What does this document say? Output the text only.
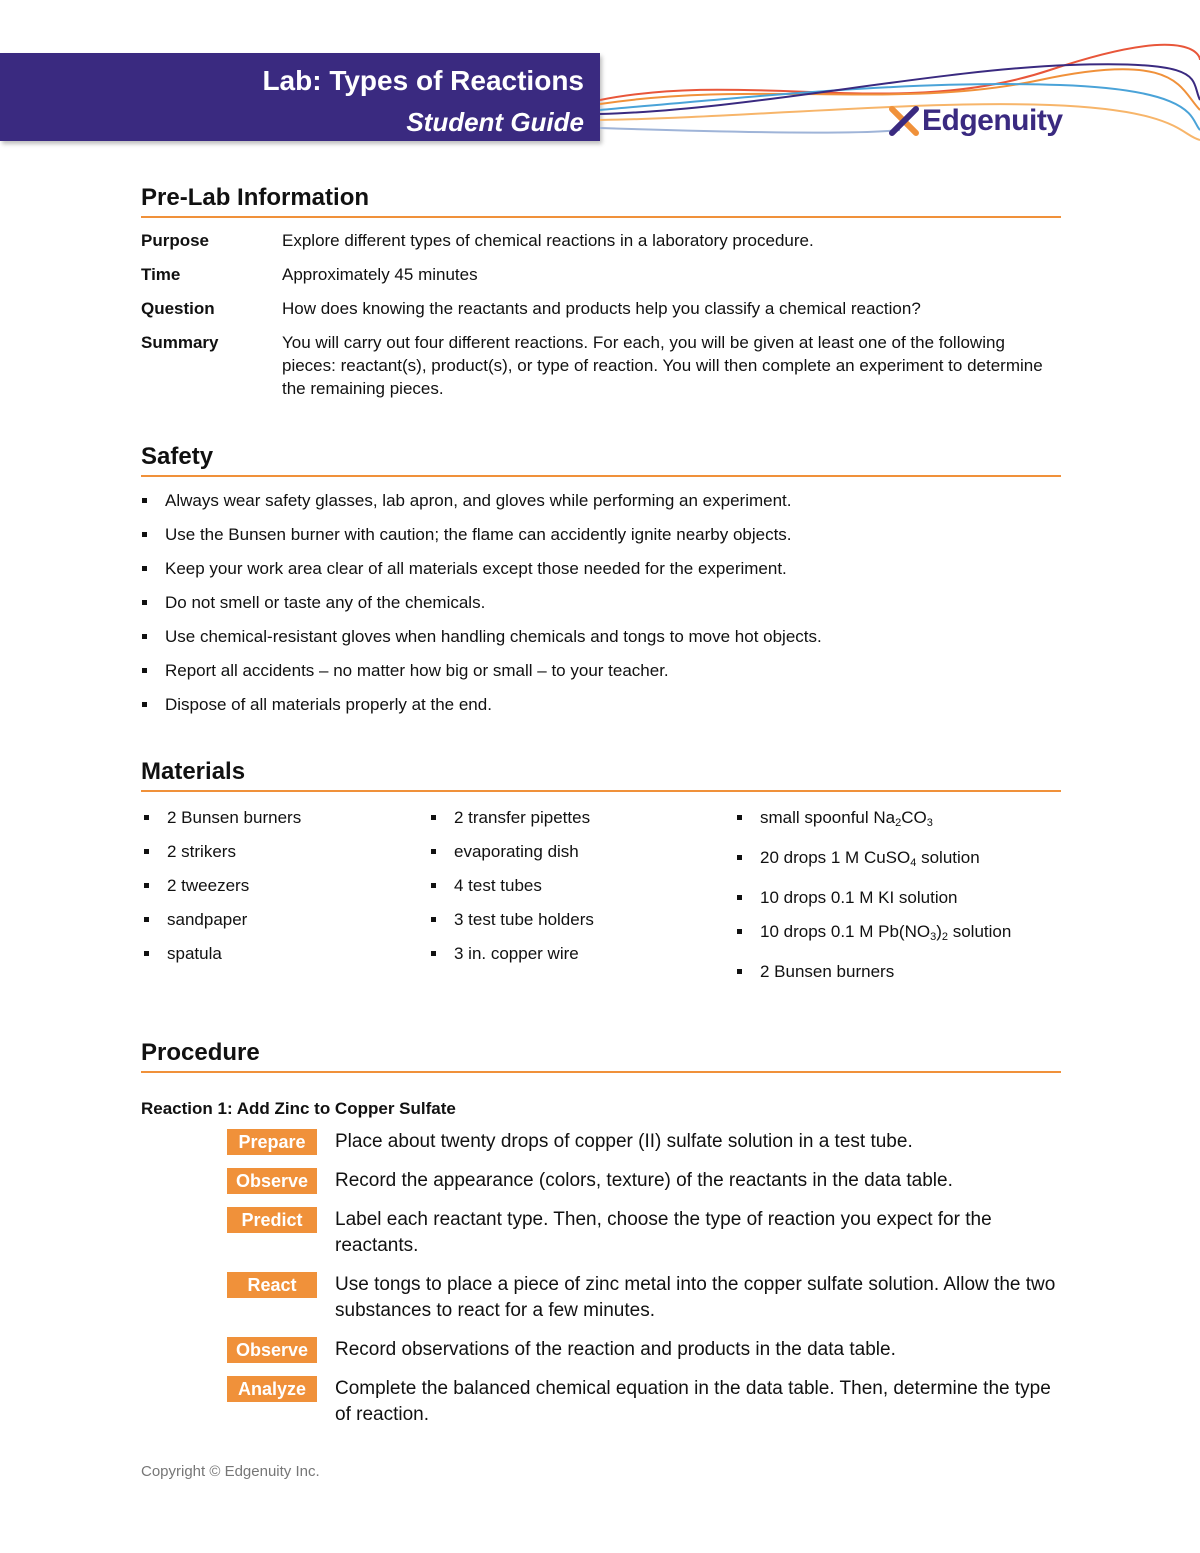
Lab: Types of Reactions
Student Guide	Edgenuity
Pre-Lab Information
Purpose	Explore different types of chemical reactions in a laboratory procedure.
Time	Approximately 45 minutes
Question	How does knowing the reactants and products help you classify a chemical reaction?
Summary	You will carry out four different reactions. For each, you will be given at least one of the following pieces: reactant(s), product(s), or type of reaction. You will then complete an experiment to determine the remaining pieces.
Safety
Always wear safety glasses, lab apron, and gloves while performing an experiment.
Use the Bunsen burner with caution; the flame can accidently ignite nearby objects.
Keep your work area clear of all materials except those needed for the experiment.
Do not smell or taste any of the chemicals.
Use chemical-resistant gloves when handling chemicals and tongs to move hot objects.
Report all accidents – no matter how big or small – to your teacher.
Dispose of all materials properly at the end.
Materials
2 Bunsen burners
2 strikers
2 tweezers
sandpaper
spatula
2 transfer pipettes
evaporating dish
4 test tubes
3 test tube holders
3 in. copper wire
small spoonful $Na_2CO_3$
20 drops 1 M CuSO$_4$ solution
10 drops 0.1 M KI solution
10 drops 0.1 M $Pb(NO_3)_2$ solution
2 Bunsen burners
Procedure
Reaction 1: Add Zinc to Copper Sulfate
Prepare	Place about twenty drops of copper (II) sulfate solution in a test tube.
Observe	Record the appearance (colors, texture) of the reactants in the data table.
Predict	Label each reactant type. Then, choose the type of reaction you expect for the reactants.
React	Use tongs to place a piece of zinc metal into the copper sulfate solution. Allow the two substances to react for a few minutes.
Observe	Record observations of the reaction and products in the data table.
Analyze	Complete the balanced chemical equation in the data table. Then, determine the type of reaction.
Copyright © Edgenuity Inc.
